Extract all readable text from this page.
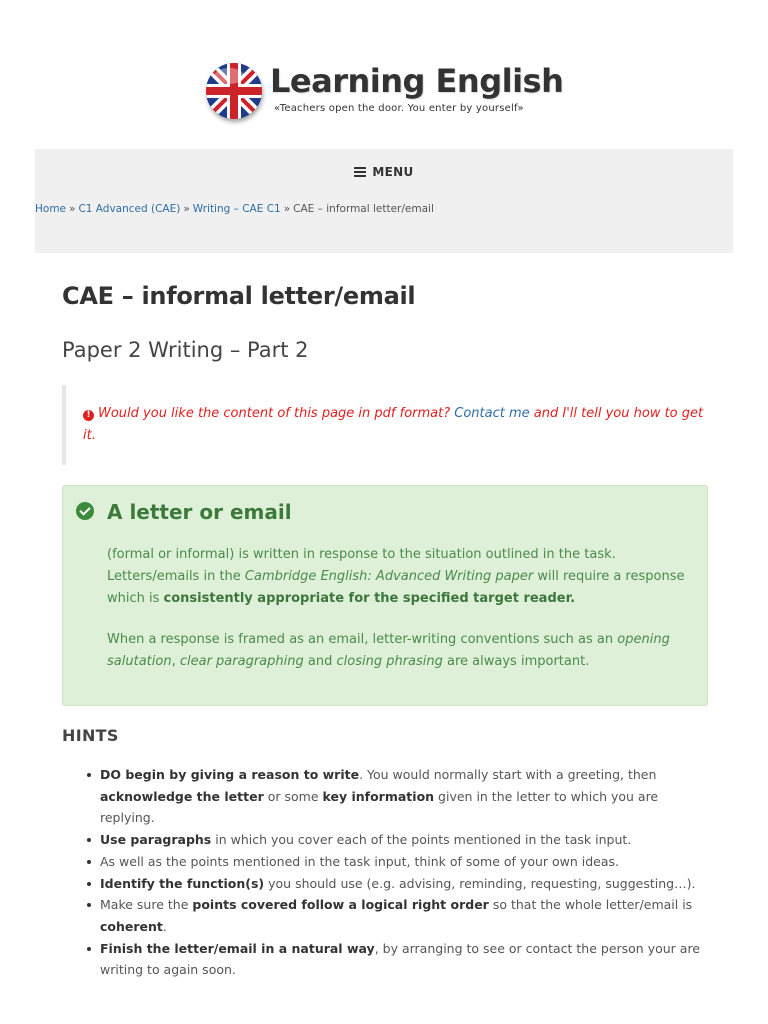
Learning English
«Teachers open the door. You enter by yourself»
MENU
Home » C1 Advanced (CAE) » Writing – CAE C1 » CAE – informal letter/email
CAE – informal letter/email
Paper 2 Writing – Part 2

! Would you like the content of this page in pdf format? Contact me and I'll tell you how to get it.

A letter or email

(formal or informal) is written in response to the situation outlined in the task. Letters/emails in the Cambridge English: Advanced Writing paper will require a response which is consistently appropriate for the specified target reader.

When a response is framed as an email, letter-writing conventions such as an opening salutation, clear paragraphing and closing phrasing are always important.

HINTS
DO begin by giving a reason to write. You would normally start with a greeting, then acknowledge the letter or some key information given in the letter to which you are replying.
Use paragraphs in which you cover each of the points mentioned in the task input.
As well as the points mentioned in the task input, think of some of your own ideas.
Identify the function(s) you should use (e.g. advising, reminding, requesting, suggesting…).
Make sure the points covered follow a logical right order so that the whole letter/email is coherent.
Finish the letter/email in a natural way, by arranging to see or contact the person your are writing to again soon.
